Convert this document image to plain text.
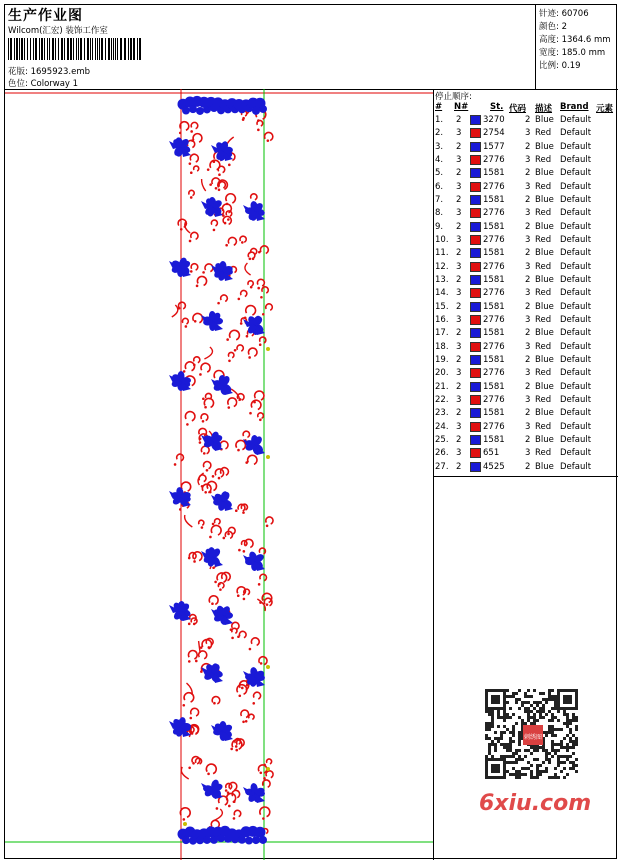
生产作业图
Wilcom(汇宏) 装饰工作室
花版: 1695923.emb
色位: Colorway 1
针迹: 60706
颜色: 2
高度: 1364.6 mm
宽度: 185.0 mm
比例: 0.19
停止顺序:
# N#	St. 代码 描述 Brand 元素
1. 2	3270 2 Blue Default
2. 3	2754 3 Red Default
3. 2	1577 2 Blue Default
4. 3	2776 3 Red Default
5. 2	1581 2 Blue Default
6. 3	2776 3 Red Default
7. 2	1581 2 Blue Default
8. 3	2776 3 Red Default
9. 2	1581 2 Blue Default
10. 3	2776 3 Red Default
11. 2	1581 2 Blue Default
12. 3	2776 3 Red Default
13. 2	1581 2 Blue Default
14. 3	2776 3 Red Default
15. 2	1581 2 Blue Default
16. 3	2776 3 Red Default
17. 2	1581 2 Blue Default
18. 3	2776 3 Red Default
19. 2	1581 2 Blue Default
20. 3	2776 3 Red Default
21. 2	1581 2 Blue Default
22. 3	2776 3 Red Default
23. 2	1581 2 Blue Default
24. 3	2776 3 Red Default
25. 2	1581 2 Blue Default
26. 3	651	3 Red Default
27. 2	4525 2 Blue Default
刺绣图
6xiu.com
